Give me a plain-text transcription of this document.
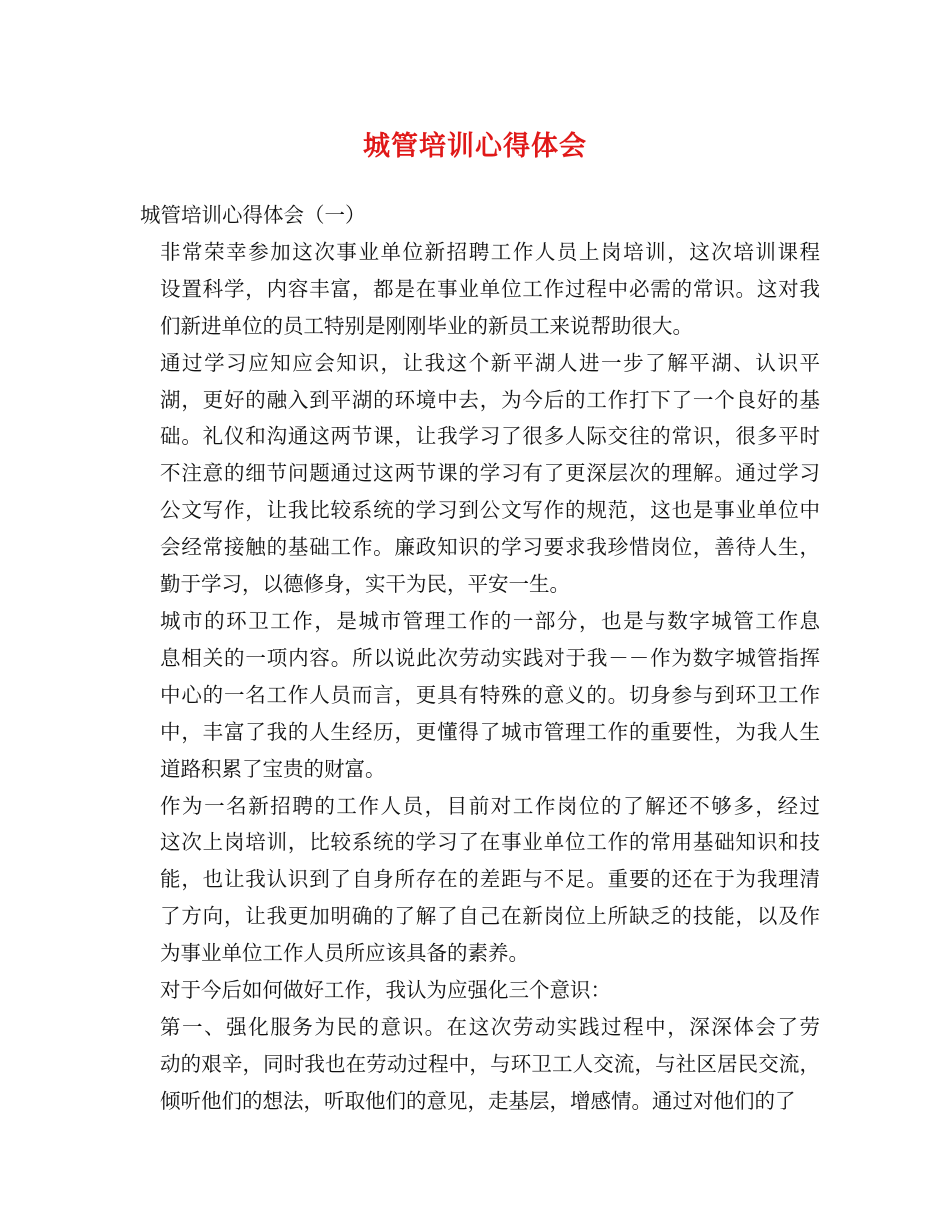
城管培训心得体会
城管培训心得体会（一）

非常荣幸参加这次事业单位新招聘工作人员上岗培训，这次培训课程
设置科学，内容丰富，都是在事业单位工作过程中必需的常识。这对我
们新进单位的员工特别是刚刚毕业的新员工来说帮助很大。

通过学习应知应会知识，让我这个新平湖人进一步了解平湖、认识平
湖，更好的融入到平湖的环境中去，为今后的工作打下了一个良好的基
础。礼仪和沟通这两节课，让我学习了很多人际交往的常识，很多平时
不注意的细节问题通过这两节课的学习有了更深层次的理解。通过学习
公文写作，让我比较系统的学习到公文写作的规范，这也是事业单位中
会经常接触的基础工作。廉政知识的学习要求我珍惜岗位，善待人生，
勤于学习，以德修身，实干为民，平安一生。

城市的环卫工作，是城市管理工作的一部分，也是与数字城管工作息
息相关的一项内容。所以说此次劳动实践对于我－－作为数字城管指挥
中心的一名工作人员而言，更具有特殊的意义的。切身参与到环卫工作
中，丰富了我的人生经历，更懂得了城市管理工作的重要性，为我人生
道路积累了宝贵的财富。

作为一名新招聘的工作人员，目前对工作岗位的了解还不够多，经过
这次上岗培训，比较系统的学习了在事业单位工作的常用基础知识和技
能，也让我认识到了自身所存在的差距与不足。重要的还在于为我理清
了方向，让我更加明确的了解了自己在新岗位上所缺乏的技能，以及作
为事业单位工作人员所应该具备的素养。

对于今后如何做好工作，我认为应强化三个意识：

第一、强化服务为民的意识。在这次劳动实践过程中，深深体会了劳
动的艰辛，同时我也在劳动过程中，与环卫工人交流，与社区居民交流，
倾听他们的想法，听取他们的意见，走基层，增感情。通过对他们的了
